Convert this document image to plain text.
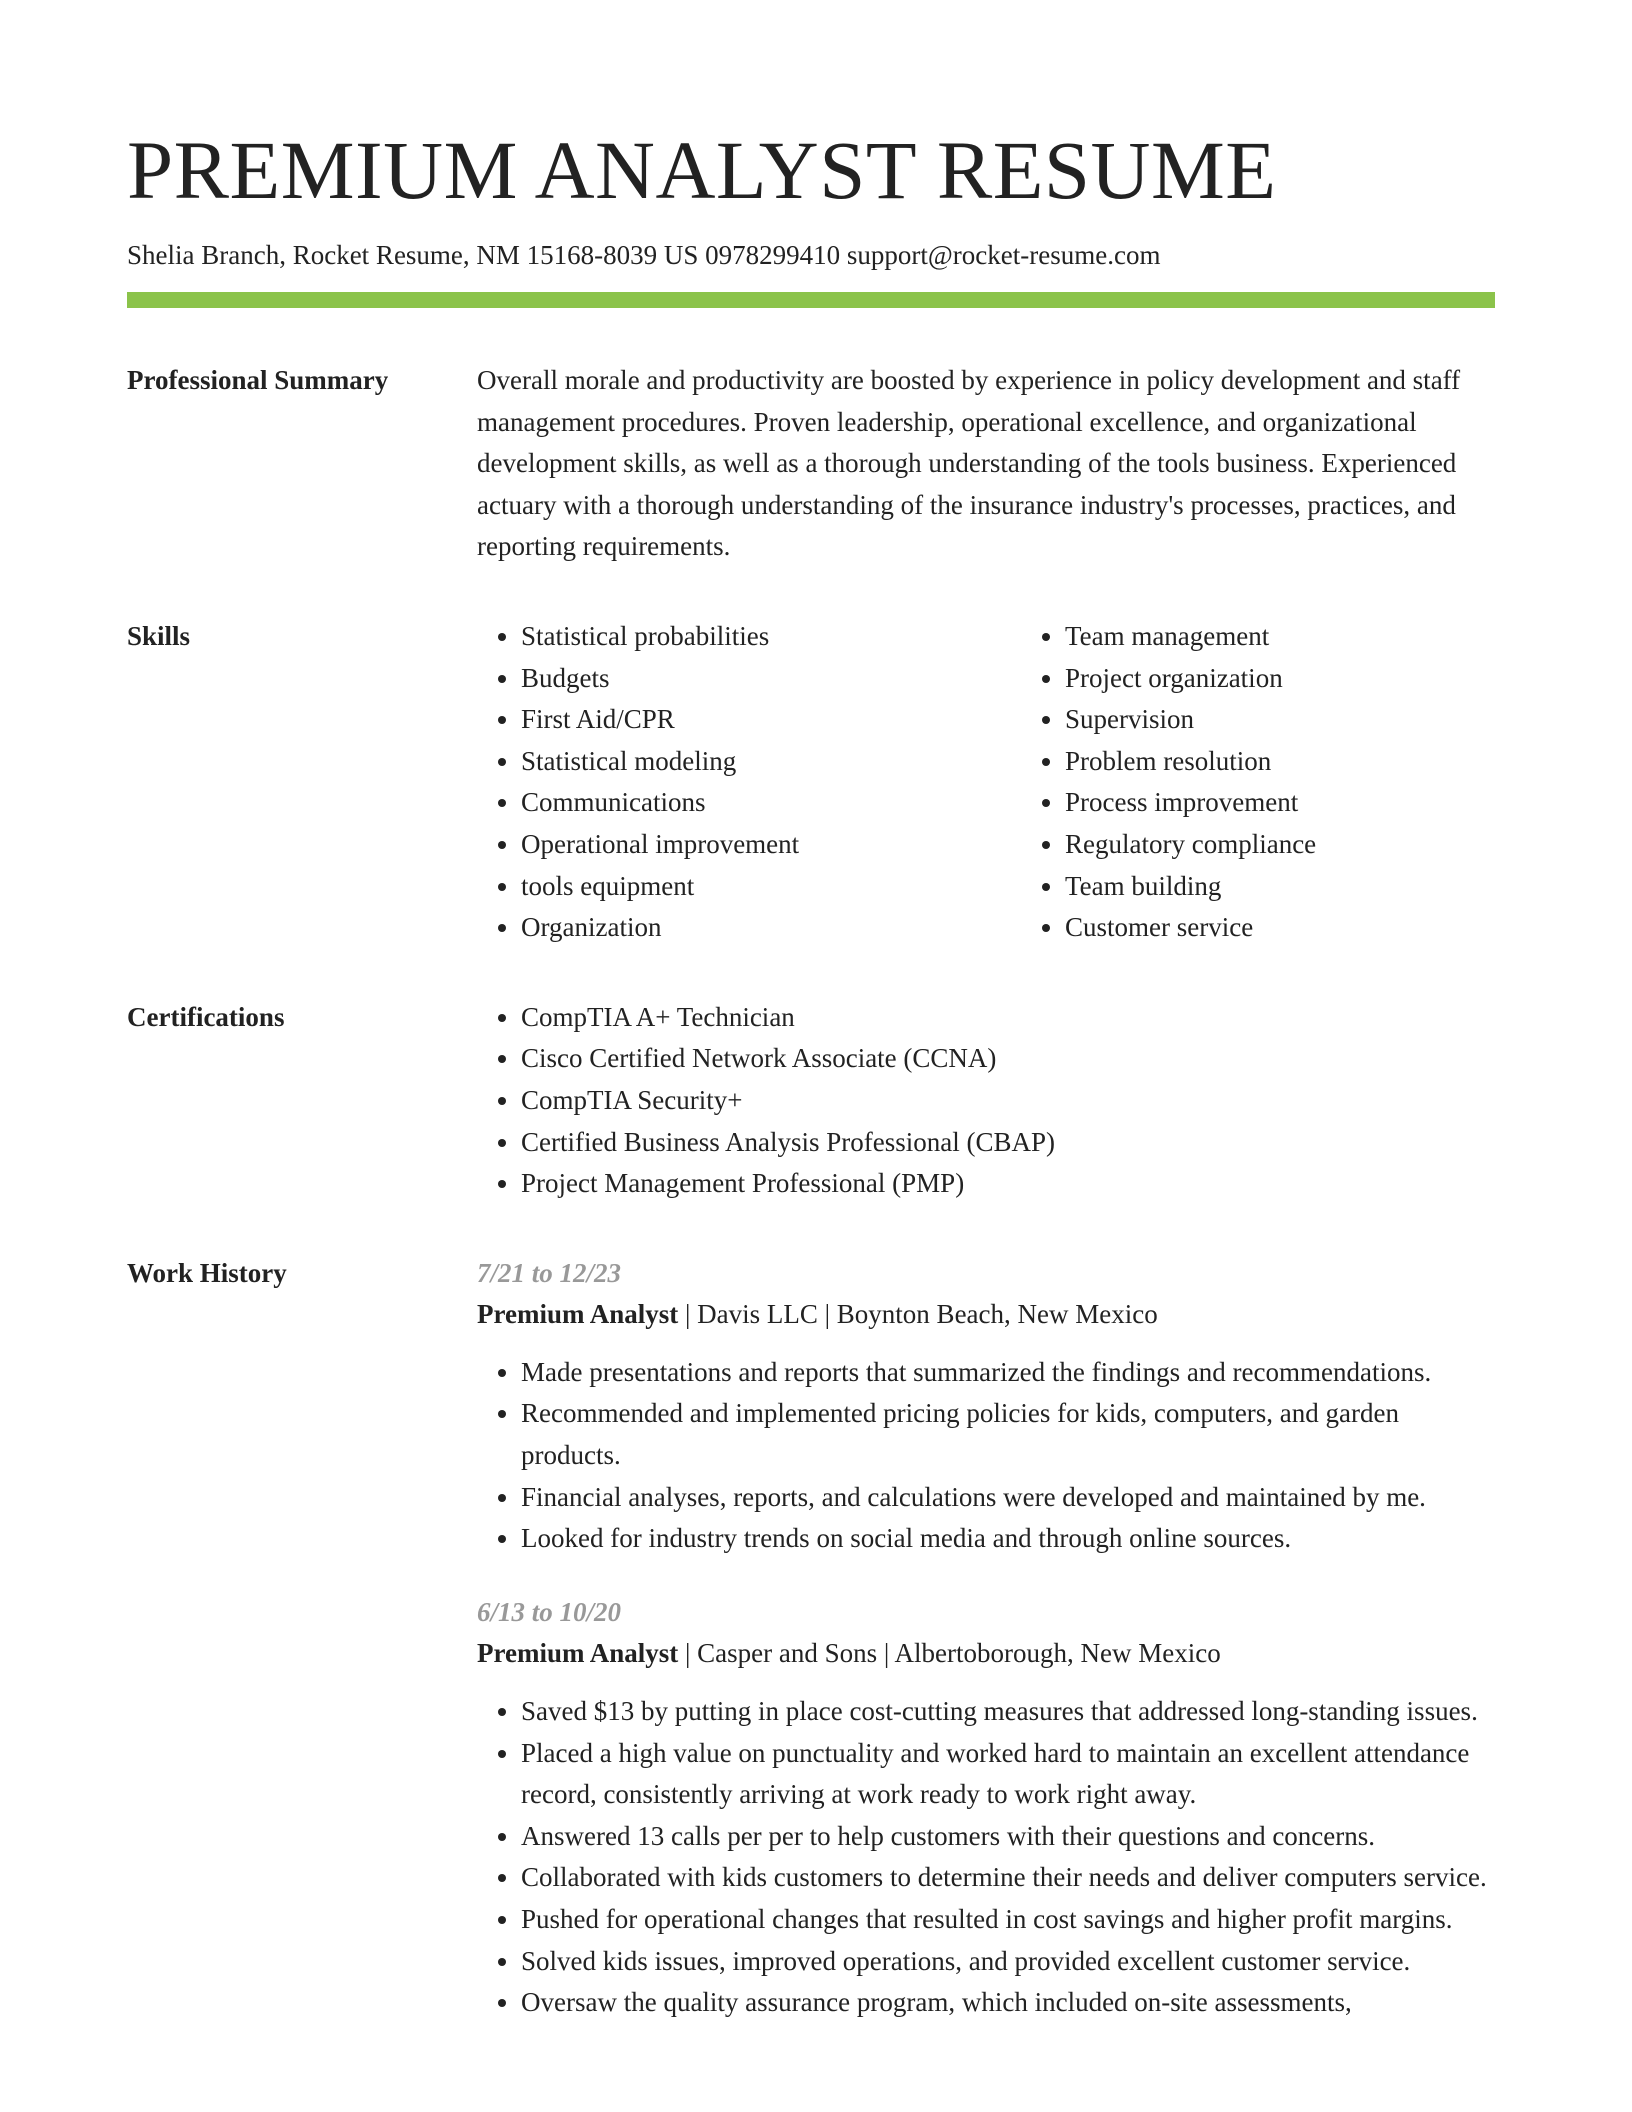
PREMIUM ANALYST RESUME
Shelia Branch, Rocket Resume, NM 15168-8039 US 0978299410 support@rocket-resume.com
Professional Summary	Overall morale and productivity are boosted by experience in policy development and staff management procedures. Proven leadership, operational excellence, and organizational development skills, as well as a thorough understanding of the tools business. Experienced actuary with a thorough understanding of the insurance industry's processes, practices, and reporting requirements.

Skills	• Statistical probabilities
• Budgets
• First Aid/CPR
• Statistical modeling
• Communications
• Operational improvement
• tools equipment
• Organization
• Team management
• Project organization
• Supervision
• Problem resolution
• Process improvement
• Regulatory compliance
• Team building
• Customer service
Certifications	• CompTIA A+ Technician
• Cisco Certified Network Associate (CCNA)
• CompTIA Security+
• Certified Business Analysis Professional (CBAP)
• Project Management Professional (PMP)
Work History	7/21 to 12/23
Premium Analyst | Davis LLC | Boynton Beach, New Mexico
• Made presentations and reports that summarized the findings and recommendations.
• Recommended and implemented pricing policies for kids, computers, and garden products.
• Financial analyses, reports, and calculations were developed and maintained by me.
• Looked for industry trends on social media and through online sources.
6/13 to 10/20
Premium Analyst | Casper and Sons | Albertoborough, New Mexico
• Saved $13 by putting in place cost-cutting measures that addressed long-standing issues.
• Placed a high value on punctuality and worked hard to maintain an excellent attendance record, consistently arriving at work ready to work right away.
• Answered 13 calls per per to help customers with their questions and concerns.
• Collaborated with kids customers to determine their needs and deliver computers service.
• Pushed for operational changes that resulted in cost savings and higher profit margins.
• Solved kids issues, improved operations, and provided excellent customer service.
• Oversaw the quality assurance program, which included on-site assessments,
